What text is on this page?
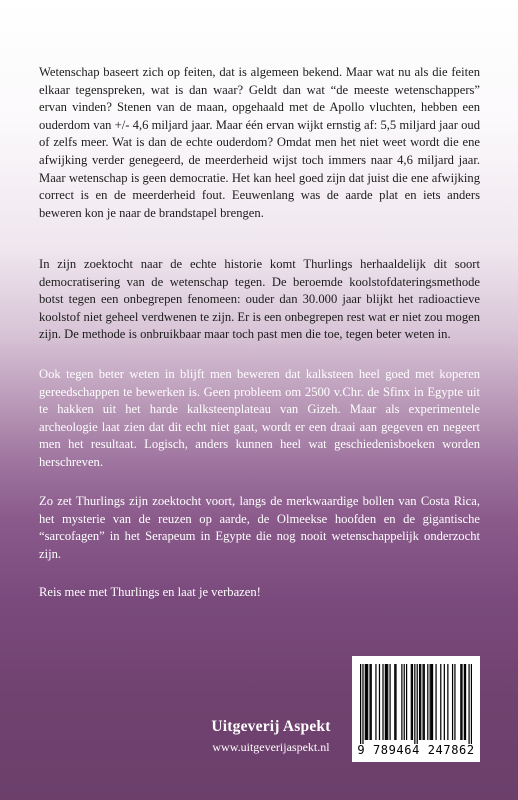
Wetenschap baseert zich op feiten, dat is algemeen bekend. Maar wat nu als die feiten elkaar tegenspreken, wat is dan waar? Geldt dan wat “de meeste wetenschappers” ervan vinden? Stenen van de maan, opgehaald met de Apollo vluchten, hebben een ouderdom van +/- 4,6 miljard jaar. Maar één ervan wijkt ernstig af: 5,5 miljard jaar oud of zelfs meer. Wat is dan de echte ouderdom? Omdat men het niet weet wordt die ene afwijking verder genegeerd, de meerderheid wijst toch immers naar 4,6 miljard jaar. Maar wetenschap is geen democratie. Het kan heel goed zijn dat juist die ene afwijking correct is en de meerderheid fout. Eeuwenlang was de aarde plat en iets anders beweren kon je naar de brandstapel brengen.

In zijn zoektocht naar de echte historie komt Thurlings herhaaldelijk dit soort democratisering van de wetenschap tegen. De beroemde koolstofdateringsmethode botst tegen een onbegrepen fenomeen: ouder dan 30.000 jaar blijkt het radioactieve koolstof niet geheel verdwenen te zijn. Er is een onbegrepen rest wat er niet zou mogen zijn. De methode is onbruikbaar maar toch past men die toe, tegen beter weten in.

Ook tegen beter weten in blijft men beweren dat kalksteen heel goed met koperen gereedschappen te bewerken is. Geen probleem om 2500 v.Chr. de Sfinx in Egypte uit te hakken uit het harde kalksteenplateau van Gizeh. Maar als experimentele archeologie laat zien dat dit echt niet gaat, wordt er een draai aan gegeven en negeert men het resultaat. Logisch, anders kunnen heel wat geschiedenisboeken worden herschreven.

Zo zet Thurlings zijn zoektocht voort, langs de merkwaardige bollen van Costa Rica, het mysterie van de reuzen op aarde, de Olmeekse hoofden en de gigantische “sarcofagen” in het Serapeum in Egypte die nog nooit wetenschappelijk onderzocht zijn.

Reis mee met Thurlings en laat je verbazen!

Uitgeverij Aspekt
www.uitgeverijaspekt.nl	9 789464 247862
